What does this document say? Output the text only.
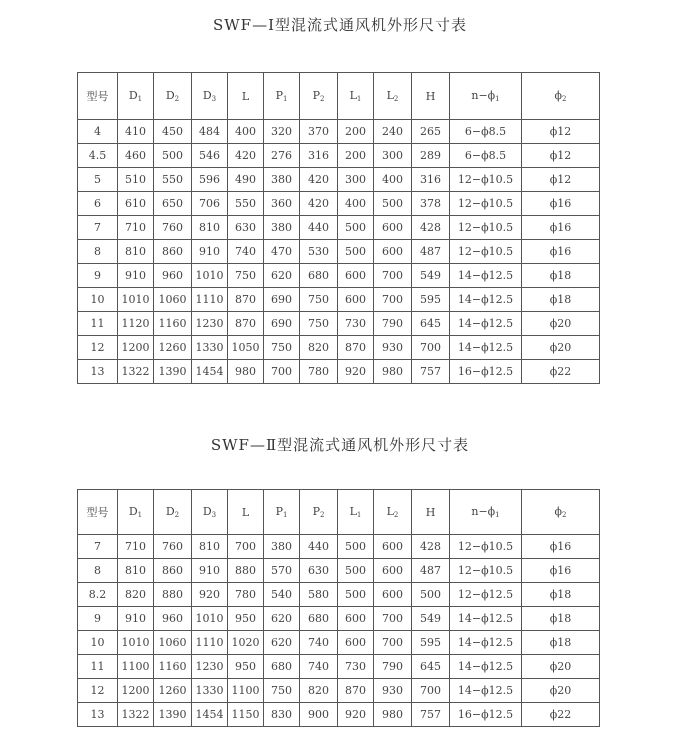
SWF—I型混流式通风机外形尺寸表
型号	$D_1$	$D_2$	$D_3$	L	$P_1$	$P_2$	$L_1$	$L_2$	H	$n-\phi_1$	$\phi_2$
4	410	450	484	400	320	370	200	240	265	6−ϕ8.5	ϕ12
4.5	460	500	546	420	276	316	200	300	289	6−ϕ8.5	ϕ12
5	510	550	596	490	380	420	300	400	316	12−ϕ10.5	ϕ12
6	610	650	706	550	360	420	400	500	378	12−ϕ10.5	ϕ16
7	710	760	810	630	380	440	500	600	428	12−ϕ10.5	ϕ16
8	810	860	910	740	470	530	500	600	487	12−ϕ10.5	ϕ16
9	910	960	1010	750	620	680	600	700	549	14−ϕ12.5	ϕ18
10	1010	1060	1110	870	690	750	600	700	595	14−ϕ12.5	ϕ18
11	1120	1160	1230	870	690	750	730	790	645	14−ϕ12.5	ϕ20
12	1200	1260	1330	1050	750	820	870	930	700	14−ϕ12.5	ϕ20
13	1322	1390	1454	980	700	780	920	980	757	16−ϕ12.5	ϕ22
SWF—Ⅱ型混流式通风机外形尺寸表
型号	$D_1$	$D_2$	$D_3$	L	$P_1$	$P_2$	$L_1$	$L_2$	H	$n-\phi_1$	$\phi_2$
7	710	760	810	700	380	440	500	600	428	12−ϕ10.5	ϕ16
8	810	860	910	880	570	630	500	600	487	12−ϕ10.5	ϕ16
8.2	820	880	920	780	540	580	500	600	500	12−ϕ12.5	ϕ18
9	910	960	1010	950	620	680	600	700	549	14−ϕ12.5	ϕ18
10	1010	1060	1110	1020	620	740	600	700	595	14−ϕ12.5	ϕ18
11	1100	1160	1230	950	680	740	730	790	645	14−ϕ12.5	ϕ20
12	1200	1260	1330	1100	750	820	870	930	700	14−ϕ12.5	ϕ20
13	1322	1390	1454	1150	830	900	920	980	757	16−ϕ12.5	ϕ22
